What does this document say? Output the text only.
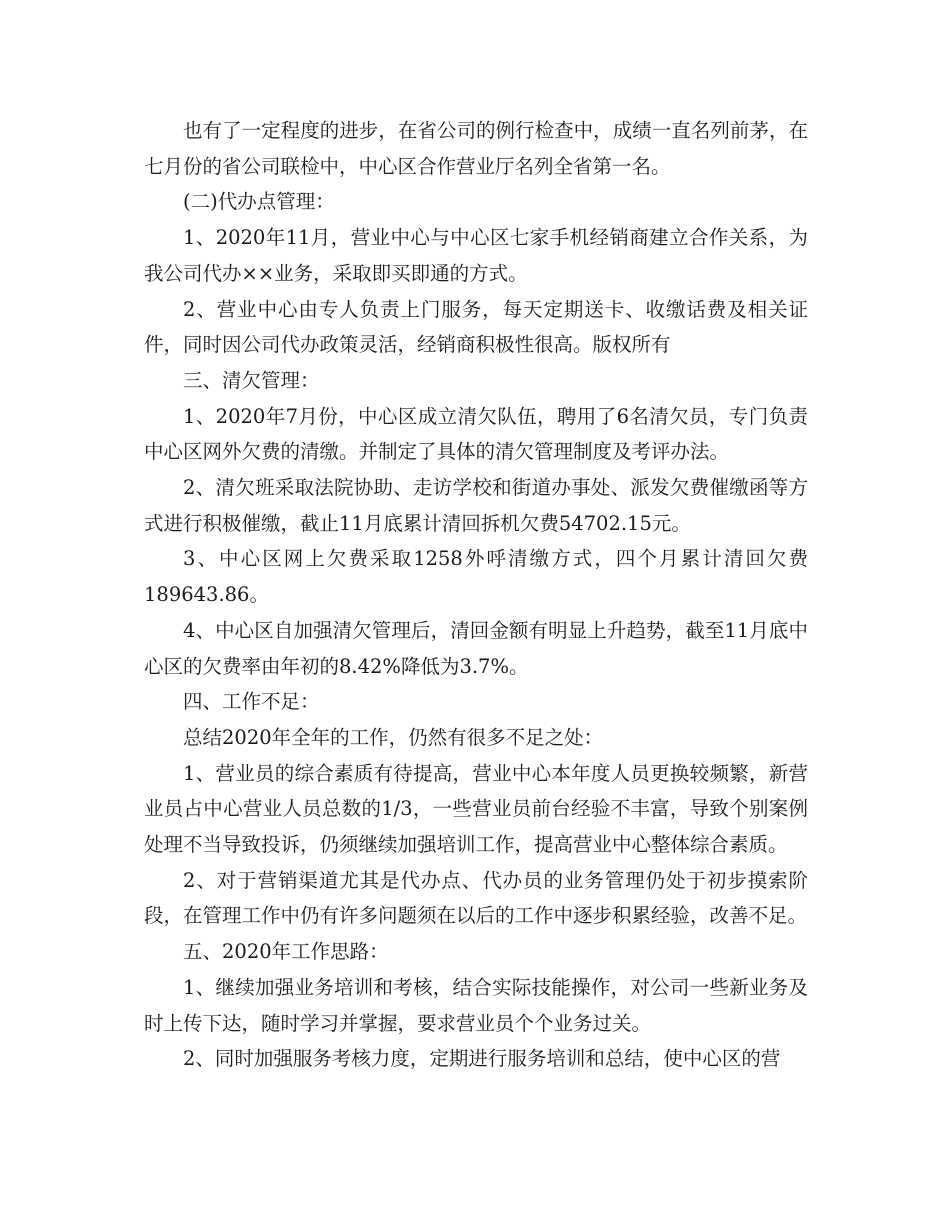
也有了一定程度的进步，在省公司的例行检查中，成绩一直名列前茅，在七月份的省公司联检中，中心区合作营业厅名列全省第一名。

(二)代办点管理：

1、2020年11月，营业中心与中心区七家手机经销商建立合作关系，为我公司代办××业务，采取即买即通的方式。

2、营业中心由专人负责上门服务，每天定期送卡、收缴话费及相关证件，同时因公司代办政策灵活，经销商积极性很高。版权所有

三、清欠管理：

1、2020年7月份，中心区成立清欠队伍，聘用了6名清欠员，专门负责中心区网外欠费的清缴。并制定了具体的清欠管理制度及考评办法。

2、清欠班采取法院协助、走访学校和街道办事处、派发欠费催缴函等方式进行积极催缴，截止11月底累计清回拆机欠费54702.15元。

3、中心区网上欠费采取1258外呼清缴方式，四个月累计清回欠费189643.86。

4、中心区自加强清欠管理后，清回金额有明显上升趋势，截至11月底中心区的欠费率由年初的8.42%降低为3.7%。

四、工作不足：

总结2020年全年的工作，仍然有很多不足之处：

1、营业员的综合素质有待提高，营业中心本年度人员更换较频繁，新营业员占中心营业人员总数的1/3，一些营业员前台经验不丰富，导致个别案例处理不当导致投诉，仍须继续加强培训工作，提高营业中心整体综合素质。

2、对于营销渠道尤其是代办点、代办员的业务管理仍处于初步摸索阶段，在管理工作中仍有许多问题须在以后的工作中逐步积累经验，改善不足。

五、2020年工作思路：

1、继续加强业务培训和考核，结合实际技能操作，对公司一些新业务及时上传下达，随时学习并掌握，要求营业员个个业务过关。

2、同时加强服务考核力度，定期进行服务培训和总结，使中心区的营
